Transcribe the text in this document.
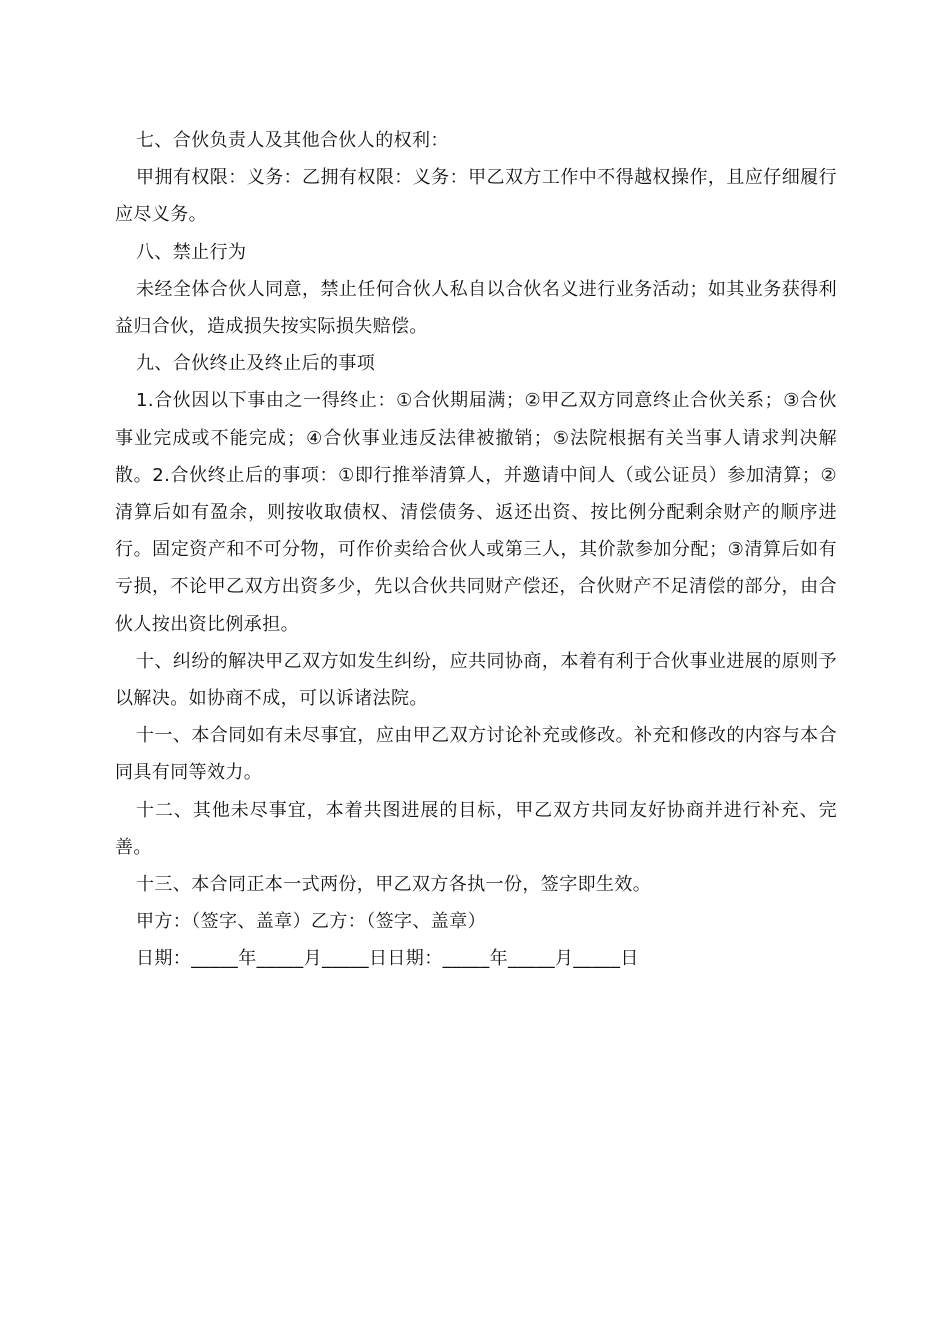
七、合伙负责人及其他合伙人的权利：

甲拥有权限：义务：乙拥有权限：义务：甲乙双方工作中不得越权操作，且应仔细履行应尽义务。

八、禁止行为

未经全体合伙人同意，禁止任何合伙人私自以合伙名义进行业务活动；如其业务获得利益归合伙，造成损失按实际损失赔偿。

九、合伙终止及终止后的事项

1.合伙因以下事由之一得终止：①合伙期届满；②甲乙双方同意终止合伙关系；③合伙事业完成或不能完成；④合伙事业违反法律被撤销；⑤法院根据有关当事人请求判决解散。2.合伙终止后的事项：①即行推举清算人，并邀请中间人（或公证员）参加清算；②清算后如有盈余，则按收取债权、清偿债务、返还出资、按比例分配剩余财产的顺序进行。固定资产和不可分物，可作价卖给合伙人或第三人，其价款参加分配；③清算后如有亏损，不论甲乙双方出资多少，先以合伙共同财产偿还，合伙财产不足清偿的部分，由合伙人按出资比例承担。

十、纠纷的解决甲乙双方如发生纠纷，应共同协商，本着有利于合伙事业进展的原则予以解决。如协商不成，可以诉诸法院。

十一、本合同如有未尽事宜，应由甲乙双方讨论补充或修改。补充和修改的内容与本合同具有同等效力。

十二、其他未尽事宜，本着共图进展的目标，甲乙双方共同友好协商并进行补充、完善。

十三、本合同正本一式两份，甲乙双方各执一份，签字即生效。

甲方：（签字、盖章）乙方：（签字、盖章）

日期：_____年_____月_____日日期：_____年_____月_____日
